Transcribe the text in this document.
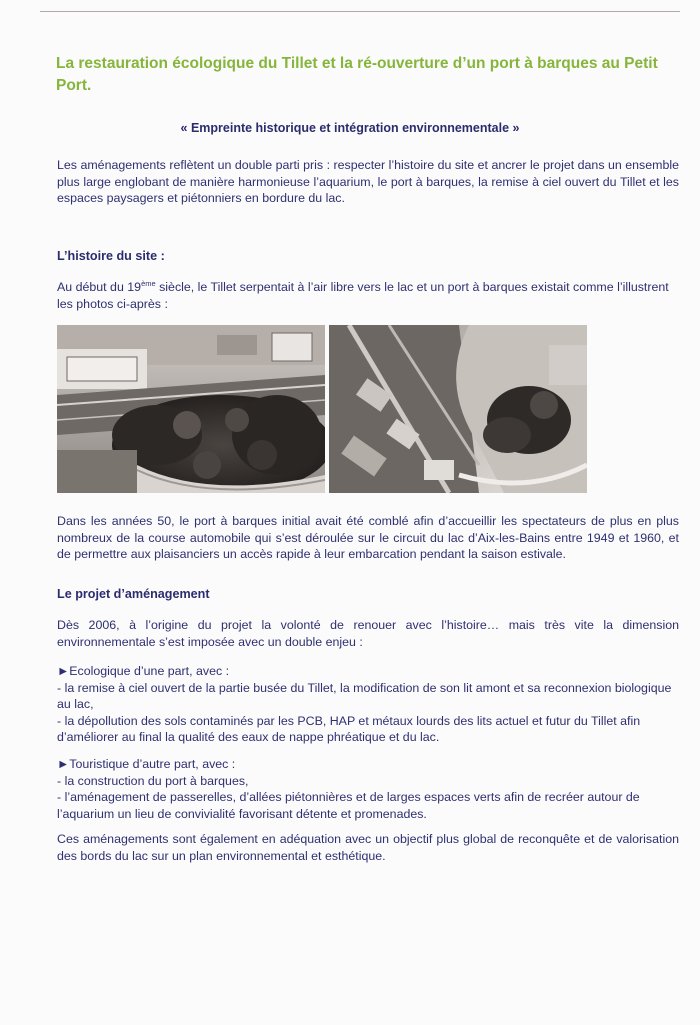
La restauration écologique du Tillet et la ré-ouverture d’un port à barques au Petit Port.
« Empreinte historique et intégration environnementale »
Les aménagements reflètent un double parti pris : respecter l’histoire du site et ancrer le projet dans un ensemble plus large englobant de manière harmonieuse l’aquarium, le port à barques, la remise à ciel ouvert du Tillet et les espaces paysagers et piétonniers en bordure du lac.
L’histoire du site :
Au début du 19ème siècle, le Tillet serpentait à l’air libre vers le lac et un port à barques existait comme l’illustrent les photos ci-après :
Dans les années 50, le port à barques initial avait été comblé afin d’accueillir les spectateurs de plus en plus nombreux de la course automobile qui s’est déroulée sur le circuit du lac d’Aix-les-Bains entre 1949 et 1960, et de permettre aux plaisanciers un accès rapide à leur embarcation pendant la saison estivale.
Le projet d’aménagement
Dès 2006, à l’origine du projet la volonté de renouer avec l’histoire… mais très vite la dimension environnementale s’est imposée avec un double enjeu :
►Ecologique d’une part, avec :
- la remise à ciel ouvert de la partie busée du Tillet, la modification de son lit amont et sa reconnexion biologique au lac,
- la dépollution des sols contaminés par les PCB, HAP et métaux lourds des lits actuel et futur du Tillet afin d’améliorer au final la qualité des eaux de nappe phréatique et du lac.
►Touristique d’autre part, avec :
- la construction du port à barques,
- l’aménagement de passerelles, d’allées piétonnières et de larges espaces verts afin de recréer autour de l’aquarium un lieu de convivialité favorisant détente et promenades.
Ces aménagements sont également en adéquation avec un objectif plus global de reconquête et de valorisation des bords du lac sur un plan environnemental et esthétique.
